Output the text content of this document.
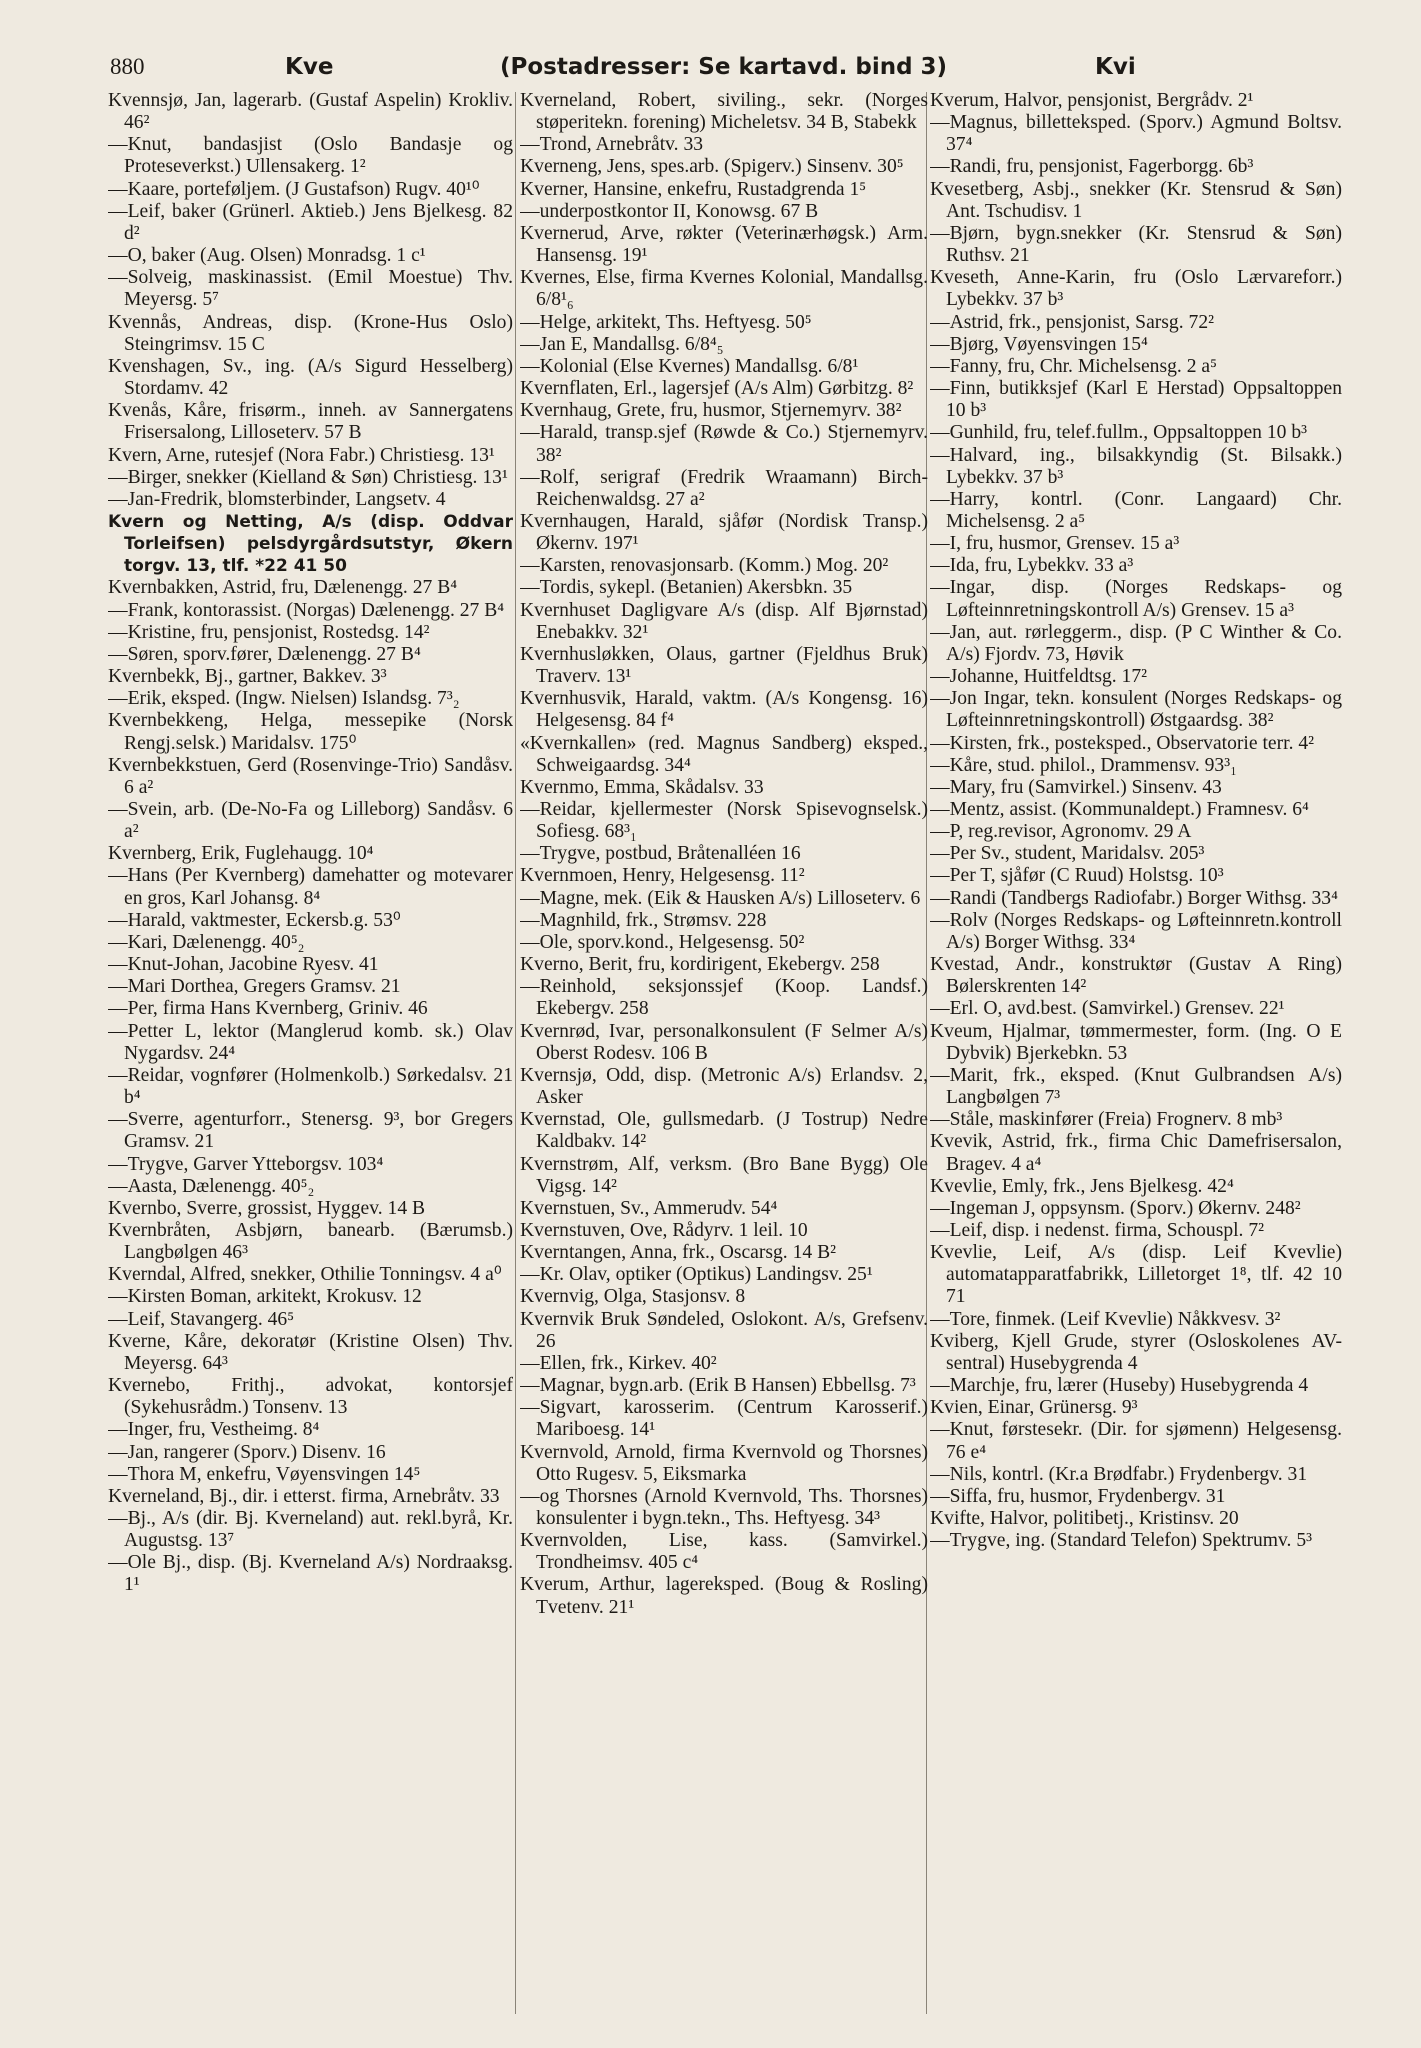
880	Kve	(Postadresser: Se kartavd. bind 3)	Kvi

Kvennsjø, Jan, lagerarb. (Gustaf Aspelin) Krokliv. 46²

—Knut, bandasjist (Oslo Bandasje og Proteseverkst.) Ullensakerg. 1²

—Kaare, porteføljem. (J Gustafson) Rugv. 40¹⁰

—Leif, baker (Grünerl. Aktieb.) Jens Bjelkesg. 82 d²

—O, baker (Aug. Olsen) Monradsg. 1 c¹

—Solveig, maskinassist. (Emil Moestue) Thv. Meyersg. 5⁷

Kvennås, Andreas, disp. (Krone-Hus Oslo) Steingrimsv. 15 C

Kvenshagen, Sv., ing. (A/s Sigurd Hesselberg) Stordamv. 42

Kvenås, Kåre, frisørm., inneh. av Sannergatens Frisersalong, Lilloseterv. 57 B

Kvern, Arne, rutesjef (Nora Fabr.) Christiesg. 13¹

—Birger, snekker (Kielland & Søn) Christiesg. 13¹

—Jan-Fredrik, blomsterbinder, Langsetv. 4

Kvern og Netting, A/s (disp. Oddvar Torleifsen) pelsdyrgårdsutstyr, Økern torgv. 13, tlf. *22 41 50

Kvernbakken, Astrid, fru, Dælenengg. 27 B⁴

—Frank, kontorassist. (Norgas) Dælenengg. 27 B⁴

—Kristine, fru, pensjonist, Rostedsg. 14²

—Søren, sporv.fører, Dælenengg. 27 B⁴

Kvernbekk, Bj., gartner, Bakkev. 3³

—Erik, eksped. (Ingw. Nielsen) Islandsg. 7³₂

Kvernbekkeng, Helga, messepike (Norsk Rengj.selsk.) Maridalsv. 175⁰

Kvernbekkstuen, Gerd (Rosenvinge-Trio) Sandåsv. 6 a²

—Svein, arb. (De-No-Fa og Lilleborg) Sandåsv. 6 a²

Kvernberg, Erik, Fuglehaugg. 10⁴

—Hans (Per Kvernberg) damehatter og motevarer en gros, Karl Johansg. 8⁴

—Harald, vaktmester, Eckersb.g. 53⁰

—Kari, Dælenengg. 40⁵₂

—Knut-Johan, Jacobine Ryesv. 41

—Mari Dorthea, Gregers Gramsv. 21

—Per, firma Hans Kvernberg, Griniv. 46

—Petter L, lektor (Manglerud komb. sk.) Olav Nygardsv. 24⁴

—Reidar, vognfører (Holmenkolb.) Sørkedalsv. 21 b⁴

—Sverre, agenturforr., Stenersg. 9³, bor Gregers Gramsv. 21

—Trygve, Garver Ytteborgsv. 103⁴

—Aasta, Dælenengg. 40⁵₂

Kvernbo, Sverre, grossist, Hyggev. 14 B

Kvernbråten, Asbjørn, banearb. (Bærumsb.) Langbølgen 46³

Kverndal, Alfred, snekker, Othilie Tonningsv. 4 a⁰

—Kirsten Boman, arkitekt, Krokusv. 12

—Leif, Stavangerg. 46⁵

Kverne, Kåre, dekoratør (Kristine Olsen) Thv. Meyersg. 64³

Kvernebo, Frithj., advokat, kontorsjef (Sykehusrådm.) Tonsenv. 13

—Inger, fru, Vestheimg. 8⁴

—Jan, rangerer (Sporv.) Disenv. 16

—Thora M, enkefru, Vøyensvingen 14⁵

Kverneland, Bj., dir. i etterst. firma, Arnebråtv. 33

—Bj., A/s (dir. Bj. Kverneland) aut. rekl.byrå, Kr. Augustsg. 13⁷

—Ole Bj., disp. (Bj. Kverneland A/s) Nordraaksg. 1¹

Kverneland, Robert, siviling., sekr. (Norges støperitekn. forening) Micheletsv. 34 B, Stabekk

—Trond, Arnebråtv. 33

Kverneng, Jens, spes.arb. (Spigerv.) Sinsenv. 30⁵

Kverner, Hansine, enkefru, Rustadgrenda 1⁵

—underpostkontor II, Konowsg. 67 B

Kvernerud, Arve, røkter (Veterinærhøgsk.) Arm. Hansensg. 19¹

Kvernes, Else, firma Kvernes Kolonial, Mandallsg. 6/8¹₆

—Helge, arkitekt, Ths. Heftyesg. 50⁵

—Jan E, Mandallsg. 6/8⁴₅

—Kolonial (Else Kvernes) Mandallsg. 6/8¹

Kvernflaten, Erl., lagersjef (A/s Alm) Gørbitzg. 8²

Kvernhaug, Grete, fru, husmor, Stjernemyrv. 38²

—Harald, transp.sjef (Røwde & Co.) Stjernemyrv. 38²

—Rolf, serigraf (Fredrik Wraamann) Birch-Reichenwaldsg. 27 a²

Kvernhaugen, Harald, sjåfør (Nordisk Transp.) Økernv. 197¹

—Karsten, renovasjonsarb. (Komm.) Mog. 20²

—Tordis, sykepl. (Betanien) Akersbkn. 35

Kvernhuset Dagligvare A/s (disp. Alf Bjørnstad) Enebakkv. 32¹

Kvernhusløkken, Olaus, gartner (Fjeldhus Bruk) Traverv. 13¹

Kvernhusvik, Harald, vaktm. (A/s Kongensg. 16) Helgesensg. 84 f⁴

«Kvernkallen» (red. Magnus Sandberg) eksped., Schweigaardsg. 34⁴

Kvernmo, Emma, Skådalsv. 33

—Reidar, kjellermester (Norsk Spisevognselsk.) Sofiesg. 68³₁

—Trygve, postbud, Bråtenalléen 16

Kvernmoen, Henry, Helgesensg. 11²

—Magne, mek. (Eik & Hausken A/s) Lilloseterv. 6

—Magnhild, frk., Strømsv. 228

—Ole, sporv.kond., Helgesensg. 50²

Kverno, Berit, fru, kordirigent, Ekebergv. 258

—Reinhold, seksjonssjef (Koop. Landsf.) Ekebergv. 258

Kvernrød, Ivar, personalkonsulent (F Selmer A/s) Oberst Rodesv. 106 B

Kvernsjø, Odd, disp. (Metronic A/s) Erlandsv. 2, Asker

Kvernstad, Ole, gullsmedarb. (J Tostrup) Nedre Kaldbakv. 14²

Kvernstrøm, Alf, verksm. (Bro Bane Bygg) Ole Vigsg. 14²

Kvernstuen, Sv., Ammerudv. 54⁴

Kvernstuven, Ove, Rådyrv. 1 leil. 10

Kverntangen, Anna, frk., Oscarsg. 14 B²

—Kr. Olav, optiker (Optikus) Landingsv. 25¹

Kvernvig, Olga, Stasjonsv. 8

Kvernvik Bruk Søndeled, Oslokont. A/s, Grefsenv. 26

—Ellen, frk., Kirkev. 40²

—Magnar, bygn.arb. (Erik B Hansen) Ebbellsg. 7³

—Sigvart, karosserim. (Centrum Karosserif.) Mariboesg. 14¹

Kvernvold, Arnold, firma Kvernvold og Thorsnes) Otto Rugesv. 5, Eiksmarka

—og Thorsnes (Arnold Kvernvold, Ths. Thorsnes) konsulenter i bygn.tekn., Ths. Heftyesg. 34³

Kvernvolden, Lise, kass. (Samvirkel.) Trondheimsv. 405 c⁴

Kverum, Arthur, lagereksped. (Boug & Rosling) Tvetenv. 21¹

Kverum, Halvor, pensjonist, Bergrådv. 2¹

—Magnus, billetteksped. (Sporv.) Agmund Boltsv. 37⁴

—Randi, fru, pensjonist, Fagerborgg. 6b³

Kvesetberg, Asbj., snekker (Kr. Stensrud & Søn) Ant. Tschudisv. 1

—Bjørn, bygn.snekker (Kr. Stensrud & Søn) Ruthsv. 21

Kveseth, Anne-Karin, fru (Oslo Lærvareforr.) Lybekkv. 37 b³

—Astrid, frk., pensjonist, Sarsg. 72²

—Bjørg, Vøyensvingen 15⁴

—Fanny, fru, Chr. Michelsensg. 2 a⁵

—Finn, butikksjef (Karl E Herstad) Oppsaltoppen 10 b³

—Gunhild, fru, telef.fullm., Oppsaltoppen 10 b³

—Halvard, ing., bilsakkyndig (St. Bilsakk.) Lybekkv. 37 b³

—Harry, kontrl. (Conr. Langaard) Chr. Michelsensg. 2 a⁵

—I, fru, husmor, Grensev. 15 a³

—Ida, fru, Lybekkv. 33 a³

—Ingar, disp. (Norges Redskaps- og Løfteinnretningskontroll A/s) Grensev. 15 a³

—Jan, aut. rørleggerm., disp. (P C Winther & Co. A/s) Fjordv. 73, Høvik

—Johanne, Huitfeldtsg. 17²

—Jon Ingar, tekn. konsulent (Norges Redskaps- og Løfteinnretningskontroll) Østgaardsg. 38²

—Kirsten, frk., posteksped., Observatorie terr. 4²

—Kåre, stud. philol., Drammensv. 93³₁

—Mary, fru (Samvirkel.) Sinsenv. 43

—Mentz, assist. (Kommunaldept.) Framnesv. 6⁴

—P, reg.revisor, Agronomv. 29 A

—Per Sv., student, Maridalsv. 205³

—Per T, sjåfør (C Ruud) Holstsg. 10³

—Randi (Tandbergs Radiofabr.) Borger Withsg. 33⁴

—Rolv (Norges Redskaps- og Løfteinnretn.kontroll A/s) Borger Withsg. 33⁴

Kvestad, Andr., konstruktør (Gustav A Ring) Bølerskrenten 14²

—Erl. O, avd.best. (Samvirkel.) Grensev. 22¹

Kveum, Hjalmar, tømmermester, form. (Ing. O E Dybvik) Bjerkebkn. 53

—Marit, frk., eksped. (Knut Gulbrandsen A/s) Langbølgen 7³

—Ståle, maskinfører (Freia) Frognerv. 8 mb³

Kvevik, Astrid, frk., firma Chic Damefrisersalon, Bragev. 4 a⁴

Kvevlie, Emly, frk., Jens Bjelkesg. 42⁴

—Ingeman J, oppsynsm. (Sporv.) Økernv. 248²

—Leif, disp. i nedenst. firma, Schouspl. 7²

Kvevlie, Leif, A/s (disp. Leif Kvevlie) automatapparatfabrikk, Lilletorget 1⁸, tlf. 42 10 71

—Tore, finmek. (Leif Kvevlie) Nåkkvesv. 3²

Kviberg, Kjell Grude, styrer (Osloskolenes AV-sentral) Husebygrenda 4

—Marchje, fru, lærer (Huseby) Husebygrenda 4

Kvien, Einar, Grünersg. 9³

—Knut, førstesekr. (Dir. for sjømenn) Helgesensg. 76 e⁴

—Nils, kontrl. (Kr.a Brødfabr.) Frydenbergv. 31

—Siffa, fru, husmor, Frydenbergv. 31

Kvifte, Halvor, politibetj., Kristinsv. 20

—Trygve, ing. (Standard Telefon) Spektrumv. 5³
